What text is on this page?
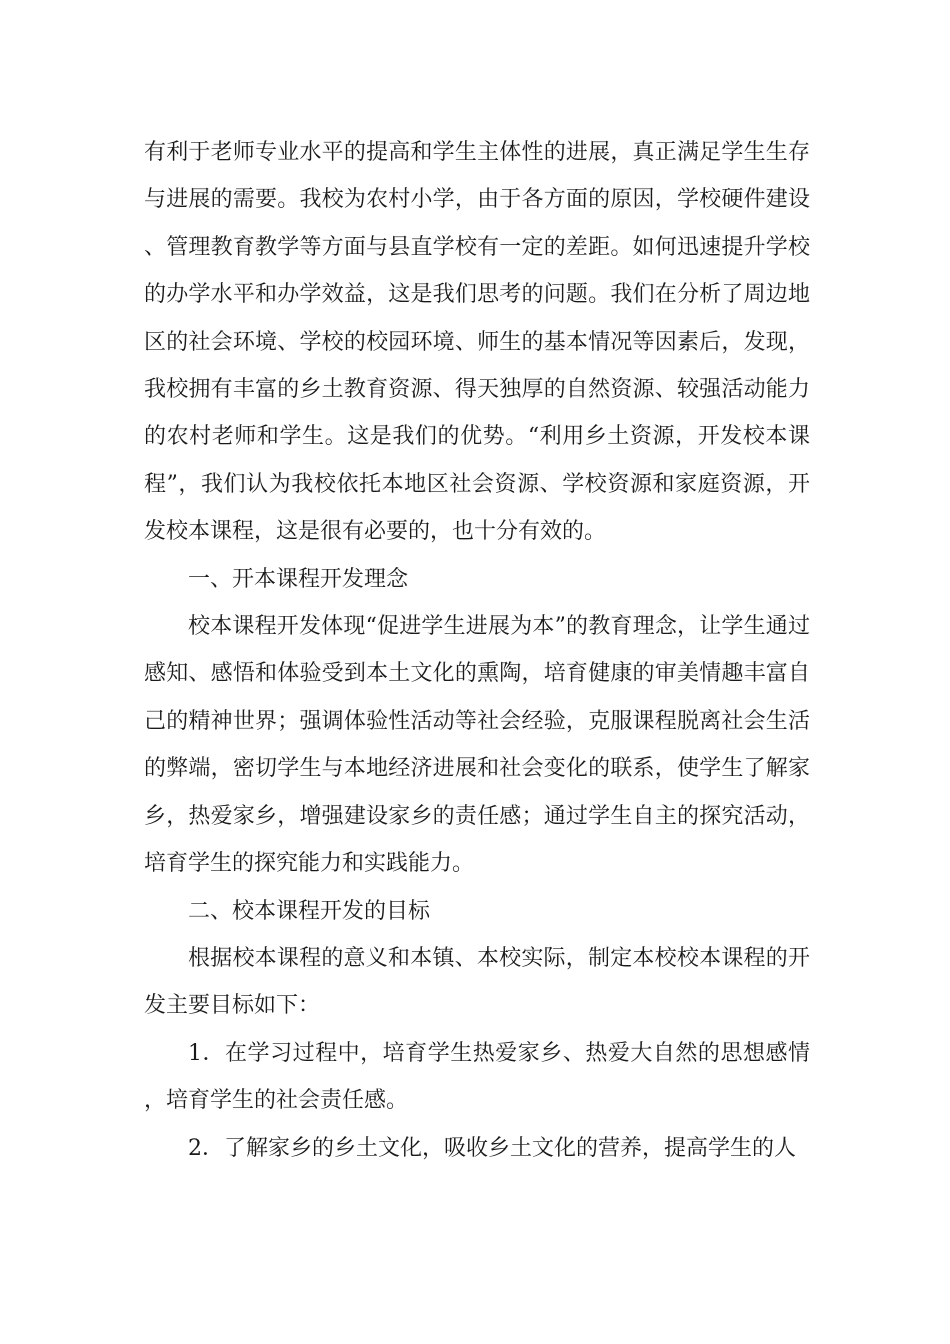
有利于老师专业水平的提高和学生主体性的进展，真正满足学生生存与进展的需要。我校为农村小学，由于各方面的原因，学校硬件建设、管理教育教学等方面与县直学校有一定的差距。如何迅速提升学校的办学水平和办学效益，这是我们思考的问题。我们在分析了周边地区的社会环境、学校的校园环境、师生的基本情况等因素后，发现，我校拥有丰富的乡土教育资源、得天独厚的自然资源、较强活动能力的农村老师和学生。这是我们的优势。“利用乡土资源，开发校本课程”，我们认为我校依托本地区社会资源、学校资源和家庭资源，开发校本课程，这是很有必要的，也十分有效的。

一、开本课程开发理念

校本课程开发体现“促进学生进展为本”的教育理念，让学生通过感知、感悟和体验受到本土文化的熏陶，培育健康的审美情趣丰富自己的精神世界；强调体验性活动等社会经验，克服课程脱离社会生活的弊端，密切学生与本地经济进展和社会变化的联系，使学生了解家乡，热爱家乡，增强建设家乡的责任感；通过学生自主的探究活动，培育学生的探究能力和实践能力。

二、校本课程开发的目标

根据校本课程的意义和本镇、本校实际，制定本校校本课程的开发主要目标如下：

1．在学习过程中，培育学生热爱家乡、热爱大自然的思想感情，培育学生的社会责任感。

2．了解家乡的乡土文化，吸收乡土文化的营养，提高学生的人
